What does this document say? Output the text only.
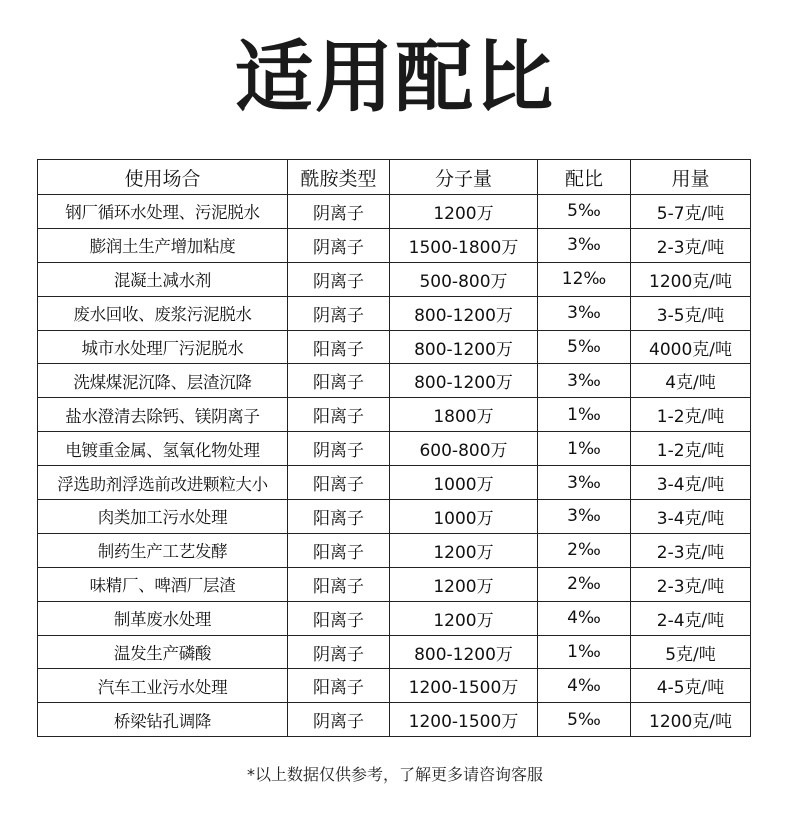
适用配比
使用场合	酰胺类型	分子量	配比	用量
钢厂循环水处理、污泥脱水	阴离子	1200万	5‰	5-7克/吨
膨润土生产增加粘度	阴离子	1500-1800万	3‰	2-3克/吨
混凝土减水剂	阴离子	500-800万	12‰	1200克/吨
废水回收、废浆污泥脱水	阴离子	800-1200万	3‰	3-5克/吨
城市水处理厂污泥脱水	阳离子	800-1200万	5‰	4000克/吨
洗煤煤泥沉降、层渣沉降	阳离子	800-1200万	3‰	4克/吨
盐水澄清去除钙、镁阴离子	阳离子	1800万	1‰	1-2克/吨
电镀重金属、氢氧化物处理	阴离子	600-800万	1‰	1-2克/吨
浮选助剂浮选前改进颗粒大小	阳离子	1000万	3‰	3-4克/吨
肉类加工污水处理	阳离子	1000万	3‰	3-4克/吨
制药生产工艺发酵	阳离子	1200万	2‰	2-3克/吨
味精厂、啤酒厂层渣	阳离子	1200万	2‰	2-3克/吨
制革废水处理	阳离子	1200万	4‰	2-4克/吨
温发生产磷酸	阴离子	800-1200万	1‰	5克/吨
汽车工业污水处理	阳离子	1200-1500万	4‰	4-5克/吨
桥梁钻孔调降	阴离子	1200-1500万	5‰	1200克/吨
*以上数据仅供参考，了解更多请咨询客服
